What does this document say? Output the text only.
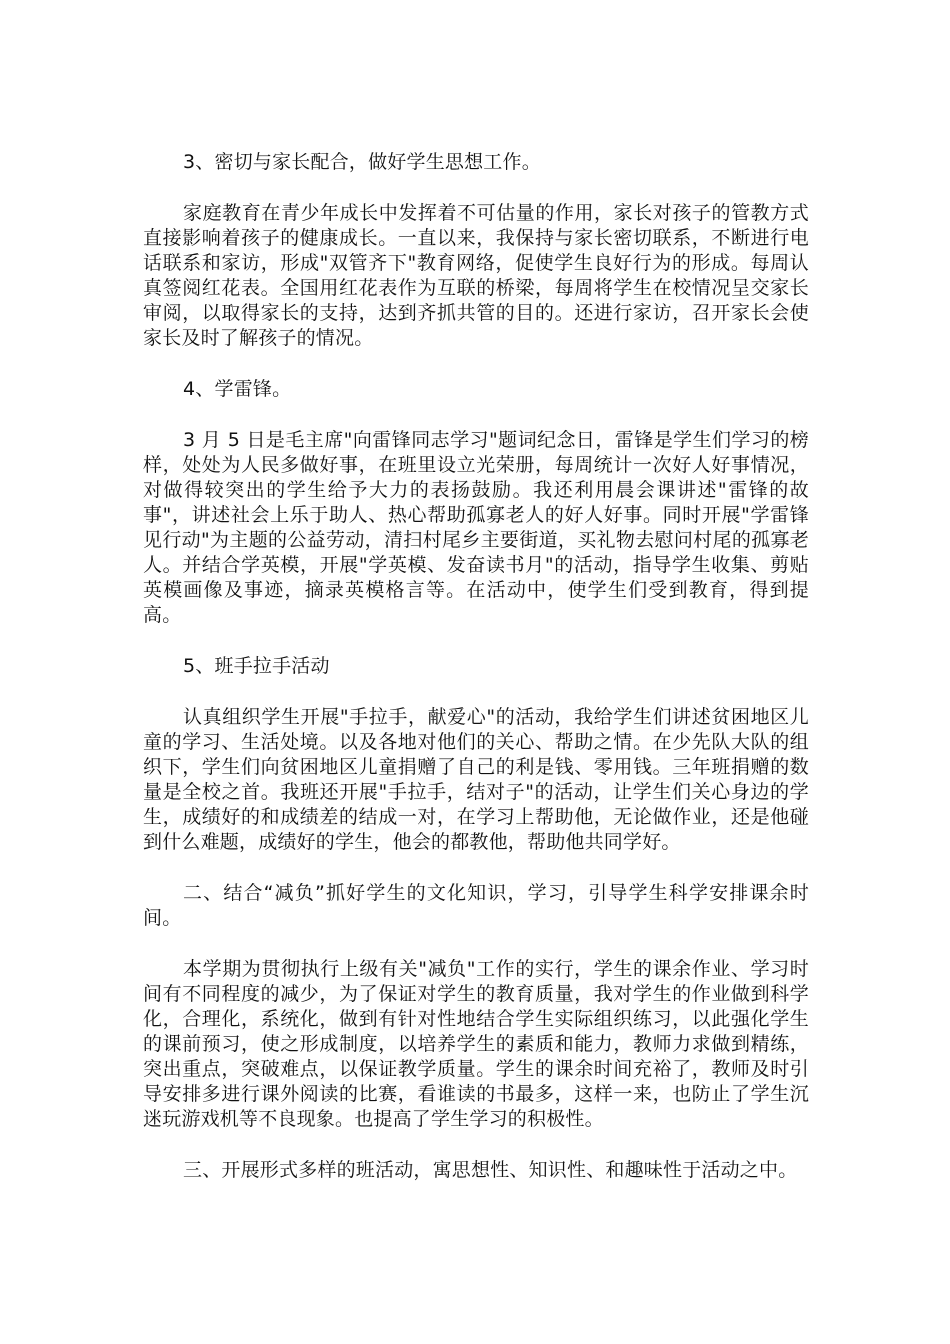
3、密切与家长配合，做好学生思想工作。

家庭教育在青少年成长中发挥着不可估量的作用，家长对孩子的管教方式直接影响着孩子的健康成长。一直以来，我保持与家长密切联系，不断进行电话联系和家访，形成"双管齐下"教育网络，促使学生良好行为的形成。每周认真签阅红花表。全国用红花表作为互联的桥梁，每周将学生在校情况呈交家长审阅，以取得家长的支持，达到齐抓共管的目的。还进行家访，召开家长会使家长及时了解孩子的情况。

4、学雷锋。

3 月 5 日是毛主席"向雷锋同志学习"题词纪念日，雷锋是学生们学习的榜样，处处为人民多做好事，在班里设立光荣册，每周统计一次好人好事情况，对做得较突出的学生给予大力的表扬鼓励。我还利用晨会课讲述"雷锋的故事"，讲述社会上乐于助人、热心帮助孤寡老人的好人好事。同时开展"学雷锋见行动"为主题的公益劳动，清扫村尾乡主要街道，买礼物去慰问村尾的孤寡老人。并结合学英模，开展"学英模、发奋读书月"的活动，指导学生收集、剪贴英模画像及事迹，摘录英模格言等。在活动中，使学生们受到教育，得到提高。

5、班手拉手活动

认真组织学生开展"手拉手，献爱心"的活动，我给学生们讲述贫困地区儿童的学习、生活处境。以及各地对他们的关心、帮助之情。在少先队大队的组织下，学生们向贫困地区儿童捐赠了自己的利是钱、零用钱。三年班捐赠的数量是全校之首。我班还开展"手拉手，结对子"的活动，让学生们关心身边的学生，成绩好的和成绩差的结成一对，在学习上帮助他，无论做作业，还是他碰到什么难题，成绩好的学生，他会的都教他，帮助他共同学好。

二、结合“减负”抓好学生的文化知识，学习，引导学生科学安排课余时间。

本学期为贯彻执行上级有关"减负"工作的实行，学生的课余作业、学习时间有不同程度的减少，为了保证对学生的教育质量，我对学生的作业做到科学化，合理化，系统化，做到有针对性地结合学生实际组织练习，以此强化学生的课前预习，使之形成制度，以培养学生的素质和能力，教师力求做到精练，突出重点，突破难点，以保证教学质量。学生的课余时间充裕了，教师及时引导安排多进行课外阅读的比赛，看谁读的书最多，这样一来，也防止了学生沉迷玩游戏机等不良现象。也提高了学生学习的积极性。

三、开展形式多样的班活动，寓思想性、知识性、和趣味性于活动之中。
